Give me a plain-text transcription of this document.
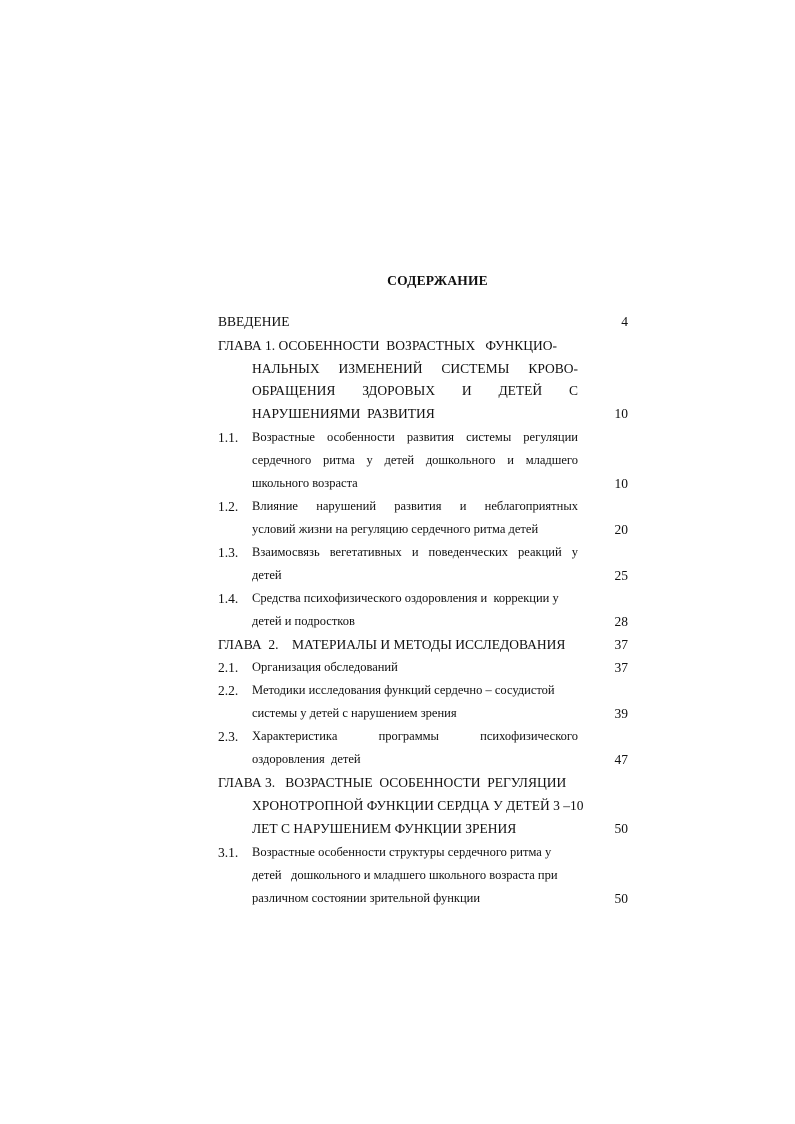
СОДЕРЖАНИЕ
ВВЕДЕНИЕ	4
ГЛАВА 1. ОСОБЕННОСТИ  ВОЗРАСТНЫХ   ФУНКЦИО-
НАЛЬНЫХ ИЗМЕНЕНИЙ СИСТЕМЫ КРОВО-
ОБРАЩЕНИЯ ЗДОРОВЫХ И ДЕТЕЙ С
НАРУШЕНИЯМИ  РАЗВИТИЯ	10
1.1. Возрастные особенности развития системы регуляции
сердечного ритма у детей дошкольного и младшего
школьного возраста	10
1.2. Влияние нарушений развития и неблагоприятных
условий жизни на регуляцию сердечного ритма детей	20
1.3. Взаимосвязь вегетативных и поведенческих реакций у
детей	25
1.4. Средства психофизического оздоровления и  коррекции у
детей и подростков	28
ГЛАВА  2.    МАТЕРИАЛЫ И МЕТОДЫ ИССЛЕДОВАНИЯ	37
2.1. Организация обследований	37
2.2. Методики исследования функций сердечно – сосудистой
системы у детей с нарушением зрения	39
2.3. Характеристика	программы	психофизического
оздоровления  детей	47
ГЛАВА 3.   ВОЗРАСТНЫЕ  ОСОБЕННОСТИ  РЕГУЛЯЦИИ
ХРОНОТРОПНОЙ ФУНКЦИИ СЕРДЦА У ДЕТЕЙ 3 –10
ЛЕТ С НАРУШЕНИЕМ ФУНКЦИИ ЗРЕНИЯ	50
3.1. Возрастные особенности структуры сердечного ритма у
детей   дошкольного и младшего школьного возраста при
различном состоянии зрительной функции	50
